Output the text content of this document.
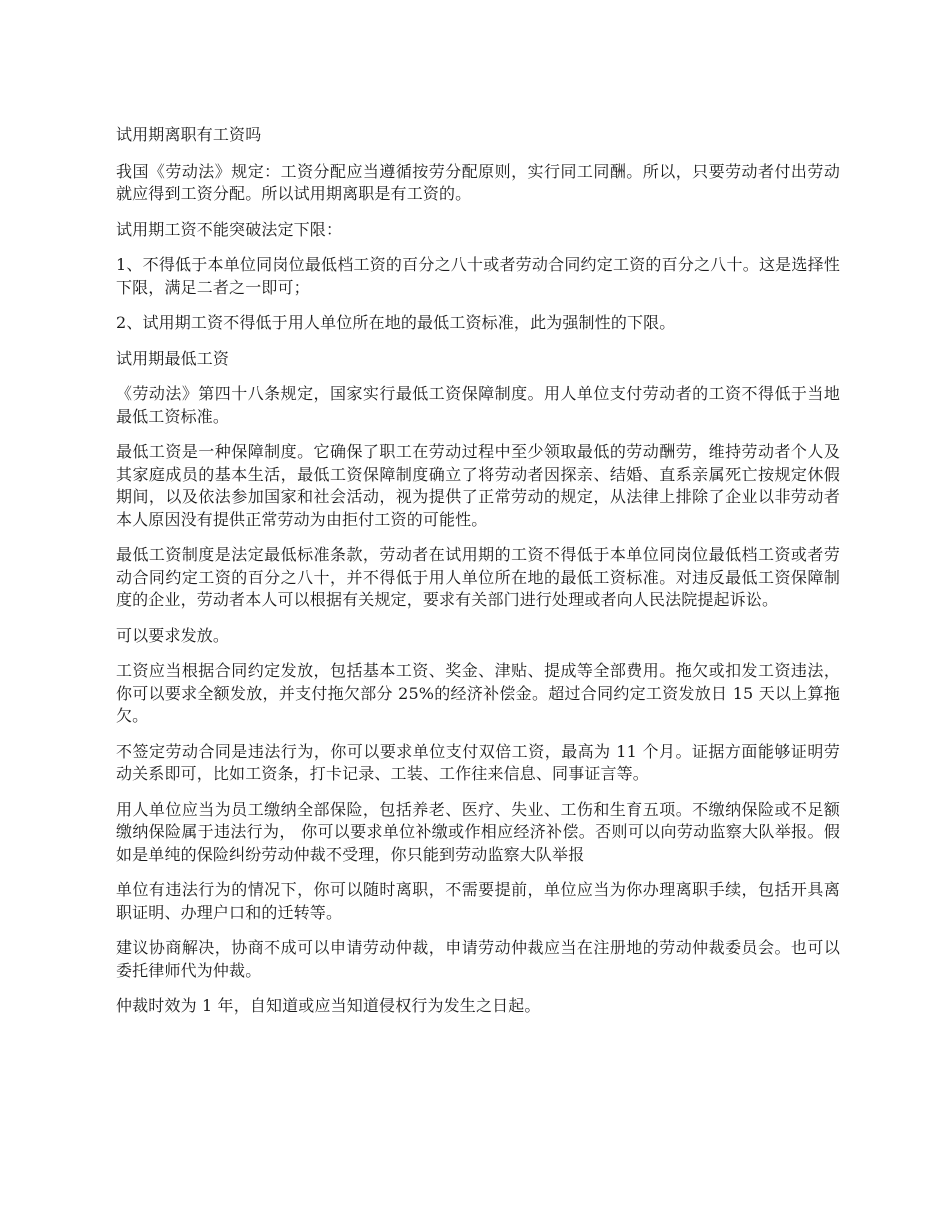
试用期离职有工资吗

我国《劳动法》规定：工资分配应当遵循按劳分配原则，实行同工同酬。所以，只要劳动者付出劳动就应得到工资分配。所以试用期离职是有工资的。

试用期工资不能突破法定下限：

1、不得低于本单位同岗位最低档工资的百分之八十或者劳动合同约定工资的百分之八十。这是选择性下限，满足二者之一即可；

2、试用期工资不得低于用人单位所在地的最低工资标准，此为强制性的下限。

试用期最低工资

《劳动法》第四十八条规定，国家实行最低工资保障制度。用人单位支付劳动者的工资不得低于当地最低工资标准。

最低工资是一种保障制度。它确保了职工在劳动过程中至少领取最低的劳动酬劳，维持劳动者个人及其家庭成员的基本生活，最低工资保障制度确立了将劳动者因探亲、结婚、直系亲属死亡按规定休假期间，以及依法参加国家和社会活动，视为提供了正常劳动的规定，从法律上排除了企业以非劳动者本人原因没有提供正常劳动为由拒付工资的可能性。

最低工资制度是法定最低标准条款，劳动者在试用期的工资不得低于本单位同岗位最低档工资或者劳动合同约定工资的百分之八十，并不得低于用人单位所在地的最低工资标准。对违反最低工资保障制度的企业，劳动者本人可以根据有关规定，要求有关部门进行处理或者向人民法院提起诉讼。

可以要求发放。

工资应当根据合同约定发放，包括基本工资、奖金、津贴、提成等全部费用。拖欠或扣发工资违法，你可以要求全额发放，并支付拖欠部分 25%的经济补偿金。超过合同约定工资发放日 15 天以上算拖欠。

不签定劳动合同是违法行为，你可以要求单位支付双倍工资，最高为 11 个月。证据方面能够证明劳动关系即可，比如工资条，打卡记录、工装、工作往来信息、同事证言等。

用人单位应当为员工缴纳全部保险，包括养老、医疗、失业、工伤和生育五项。不缴纳保险或不足额缴纳保险属于违法行为， 你可以要求单位补缴或作相应经济补偿。否则可以向劳动监察大队举报。假如是单纯的保险纠纷劳动仲裁不受理，你只能到劳动监察大队举报

单位有违法行为的情况下，你可以随时离职，不需要提前，单位应当为你办理离职手续，包括开具离职证明、办理户口和的迁转等。

建议协商解决，协商不成可以申请劳动仲裁，申请劳动仲裁应当在注册地的劳动仲裁委员会。也可以委托律师代为仲裁。

仲裁时效为 1 年，自知道或应当知道侵权行为发生之日起。
